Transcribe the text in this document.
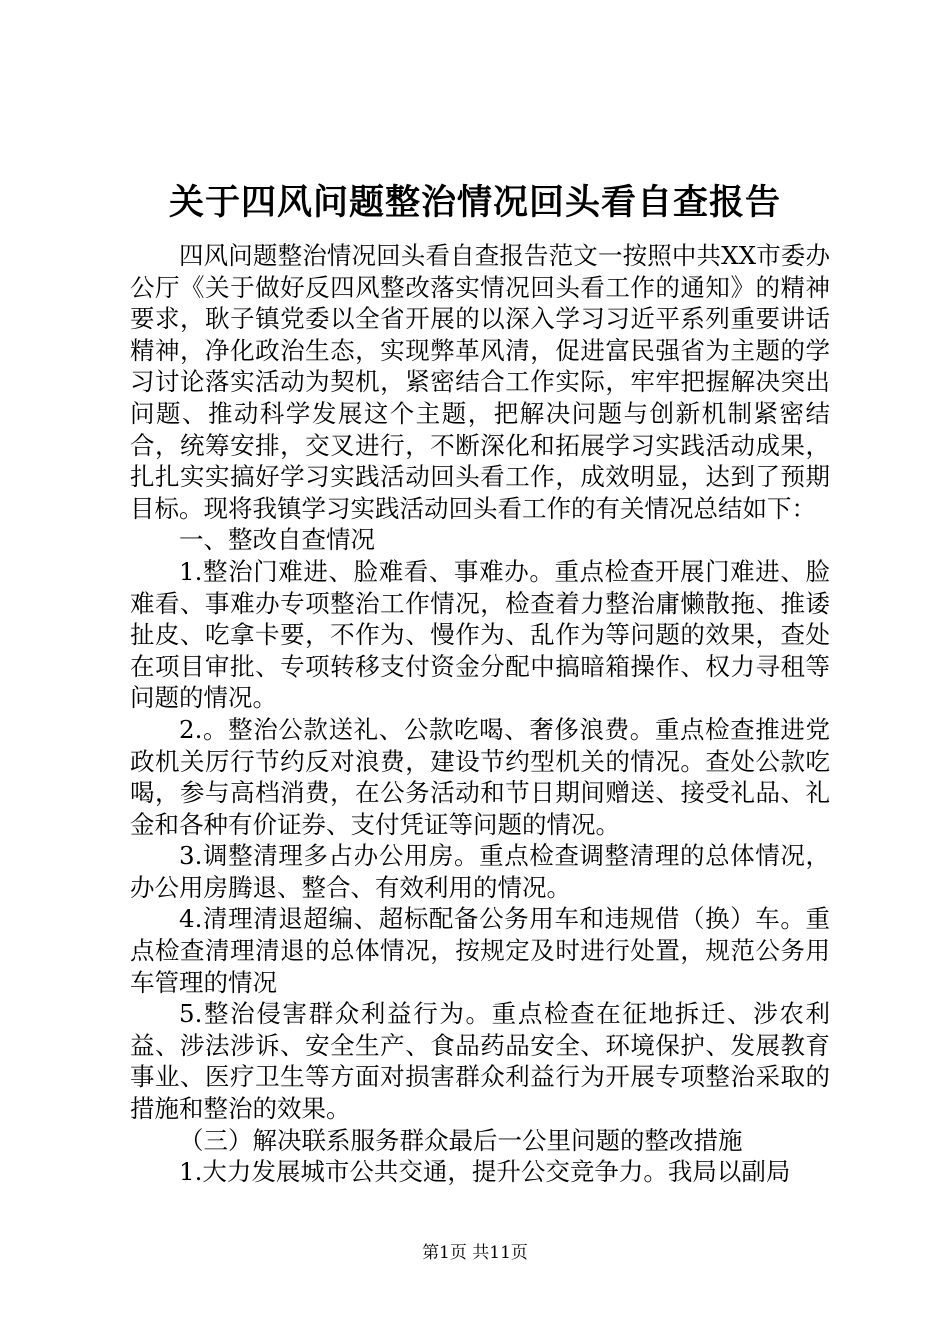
关于四风问题整治情况回头看自查报告

四风问题整治情况回头看自查报告范文一按照中共XX市委办公厅《关于做好反四风整改落实情况回头看工作的通知》的精神要求，耿子镇党委以全省开展的以深入学习习近平系列重要讲话精神，净化政治生态，实现弊革风清，促进富民强省为主题的学习讨论落实活动为契机，紧密结合工作实际，牢牢把握解决突出问题、推动科学发展这个主题，把解决问题与创新机制紧密结合，统筹安排，交叉进行，不断深化和拓展学习实践活动成果，扎扎实实搞好学习实践活动回头看工作，成效明显，达到了预期目标。现将我镇学习实践活动回头看工作的有关情况总结如下：

一、整改自查情况

1.整治门难进、脸难看、事难办。重点检查开展门难进、脸难看、事难办专项整治工作情况，检查着力整治庸懒散拖、推诿扯皮、吃拿卡要，不作为、慢作为、乱作为等问题的效果，查处在项目审批、专项转移支付资金分配中搞暗箱操作、权力寻租等问题的情况。

2.。整治公款送礼、公款吃喝、奢侈浪费。重点检查推进党政机关厉行节约反对浪费，建设节约型机关的情况。查处公款吃喝，参与高档消费，在公务活动和节日期间赠送、接受礼品、礼金和各种有价证券、支付凭证等问题的情况。

3.调整清理多占办公用房。重点检查调整清理的总体情况，办公用房腾退、整合、有效利用的情况。

4.清理清退超编、超标配备公务用车和违规借（换）车。重点检查清理清退的总体情况，按规定及时进行处置，规范公务用车管理的情况

5.整治侵害群众利益行为。重点检查在征地拆迁、涉农利益、涉法涉诉、安全生产、食品药品安全、环境保护、发展教育事业、医疗卫生等方面对损害群众利益行为开展专项整治采取的措施和整治的效果。

（三）解决联系服务群众最后一公里问题的整改措施

1.大力发展城市公共交通，提升公交竞争力。我局以副局

第1页 共11页
